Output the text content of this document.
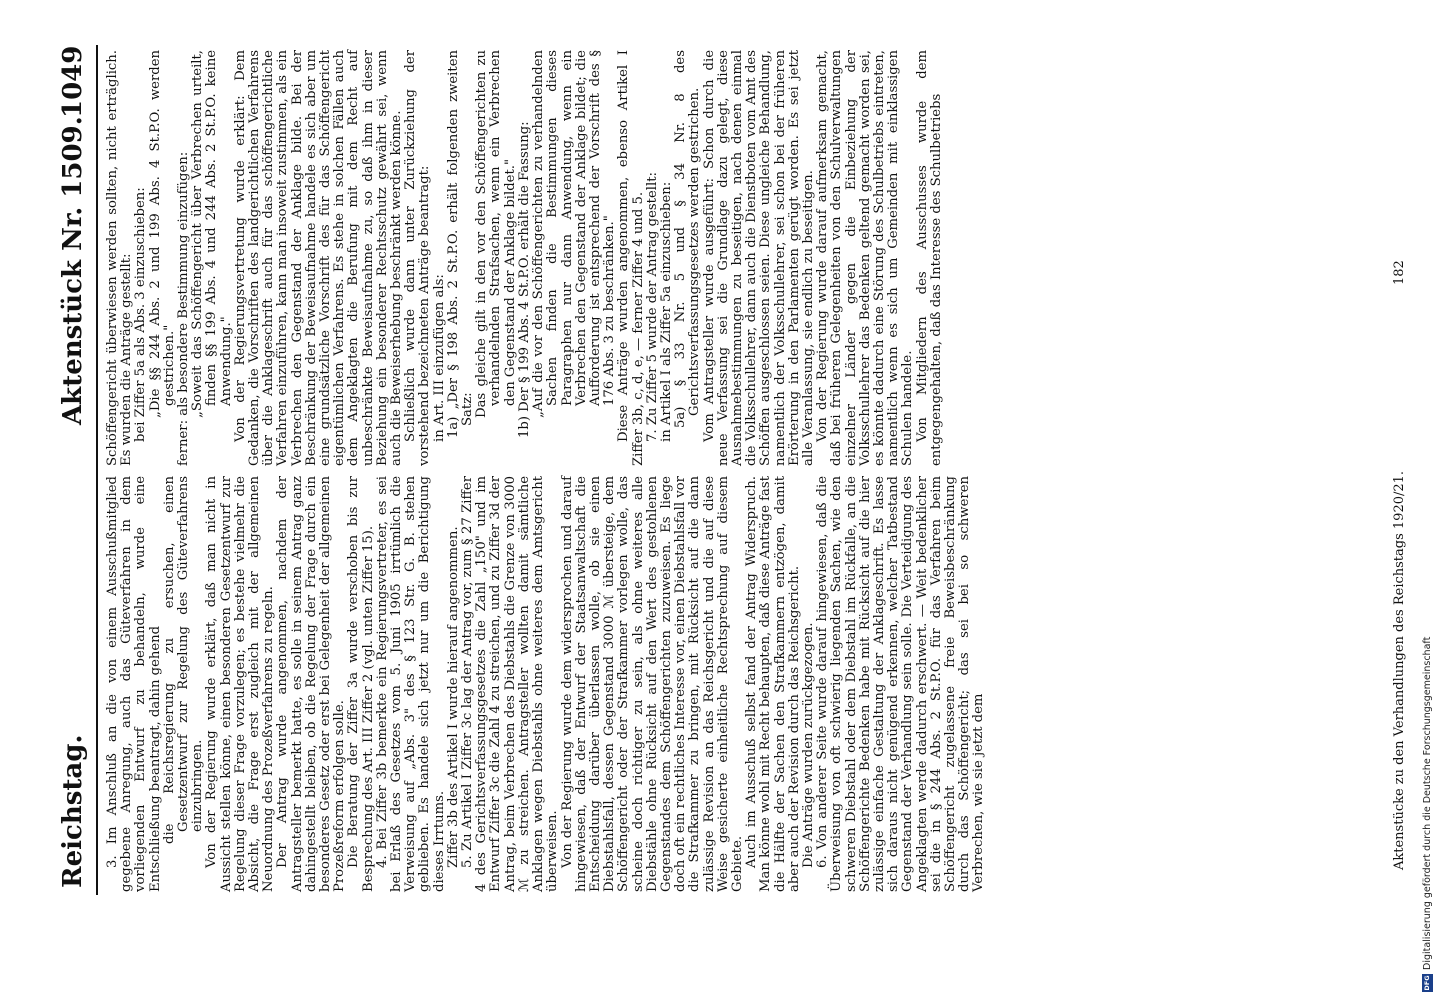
Reichstag.
Aktenstück Nr. 1509.
1049

3. Im Anschluß an die von einem Ausschußmitglied gegebene Anregung, auch das Güteverfahren in dem vorliegenden Entwurf zu behandeln, wurde eine Entschließung beantragt, dahin gehend die Reichsregierung zu ersuchen, einen Gesetzentwurf zur Regelung des Güteverfahrens einzubringen. Von der Regierung wurde erklärt, daß man nicht in Aussicht stellen könne, einen besonderen Gesetzentwurf zur Regelung dieser Frage vorzulegen; es bestehe vielmehr die Absicht, die Frage erst zugleich mit der allgemeinen Neuordnung des Prozeßverfahrens zu regeln. Der Antrag wurde angenommen, nachdem der Antragsteller bemerkt hatte, es solle in seinem Antrag ganz dahingestellt bleiben, ob die Regelung der Frage durch ein besonderes Gesetz oder erst bei Gelegenheit der allgemeinen Prozeßreform erfolgen solle. Die Beratung der Ziffer 3a wurde verschoben bis zur Besprechung des Art. III Ziffer 2 (vgl. unten Ziffer 15). 4. Bei Ziffer 3b bemerkte ein Regierungsvertreter, es sei bei Erlaß des Gesetzes vom 5. Juni 1905 irrtümlich die Verweisung auf „Abs. 3" des § 123 Str. G. B. stehen geblieben. Es handele sich jetzt nur um die Berichtigung dieses Irrtums. Ziffer 3b des Artikel I wurde hierauf angenommen. 5. Zu Artikel I Ziffer 3c lag der Antrag vor, zum § 27 Ziffer 4 des Gerichtsverfassungsgesetzes die Zahl „150" und im Entwurf Ziffer 3c die Zahl 4 zu streichen, und zu Ziffer 3d der Antrag, beim Verbrechen des Diebstahls die Grenze von 3000 ℳ zu streichen. Antragsteller wollten damit sämtliche Anklagen wegen Diebstahls ohne weiteres dem Amtsgericht überweisen. Von der Regierung wurde dem widersprochen und darauf hingewiesen, daß der Entwurf der Staatsanwaltschaft die Entscheidung darüber überlassen wolle, ob sie einen Diebstahlsfall, dessen Gegenstand 3000 ℳ übersteige, dem Schöffengericht oder der Strafkammer vorlegen wolle, das scheine doch richtiger zu sein, als ohne weiteres alle Diebstähle ohne Rücksicht auf den Wert des gestohlenen Gegenstandes dem Schöffengerichten zuzuweisen. Es liege doch oft ein rechtliches Interesse vor, einen Diebstahlsfall vor die Strafkammer zu bringen, mit Rücksicht auf die dann zulässige Revision an das Reichsgericht und die auf diese Weise gesicherte einheitliche Rechtsprechung auf diesem Gebiete. Auch im Ausschuß selbst fand der Antrag Widerspruch. Man könne wohl mit Recht behaupten, daß diese Anträge fast die Hälfte der Sachen den Strafkammern entzögen, damit aber auch der Revision durch das Reichsgericht. Die Anträge wurden zurückgezogen. 6. Von anderer Seite wurde darauf hingewiesen, daß die Überweisung von oft schwierig liegenden Sachen, wie den schweren Diebstahl oder dem Diebstahl im Rückfalle, an die Schöffengerichte Bedenken habe mit Rücksicht auf die hier zulässige einfache Gestaltung der Anklageschrift. Es lasse sich daraus nicht genügend erkennen, welcher Tatbestand Gegenstand der Verhandlung sein solle. Die Verteidigung des Angeklagten werde dadurch erschwert. — Weit bedenklicher sei die in § 244 Abs. 2 St.P.O. für das Verfahren beim Schöffengericht zugelassene freie Beweisbeschränkung durch das Schöffengericht; das sei bei so schweren Verbrechen, wie sie jetzt dem

Schöffengericht überwiesen werden sollten, nicht erträglich. Es wurden die Anträge gestellt: bei Ziffer 5a als Abs. 3 einzuschieben: „Die §§ 244 Abs. 2 und 199 Abs. 4 St.P.O. werden gestrichen." ferner: als besondere Bestimmung einzufügen: „Soweit das Schöffengericht über Verbrechen urteilt, finden §§ 199 Abs. 4 und 244 Abs. 2 St.P.O. keine Anwendung." Von der Regierungsvertretung wurde erklärt: Dem Gedanken, die Vorschriften des landgerichtlichen Verfahrens über die Anklageschrift auch für das schöffengerichtliche Verfahren einzuführen, kann man insoweit zustimmen, als ein Verbrechen den Gegenstand der Anklage bilde. Bei der Beschränkung der Beweisaufnahme handele es sich aber um eine grundsätzliche Vorschrift des für das Schöffengericht eigentümlichen Verfahrens. Es stehe in solchen Fällen auch dem Angeklagten die Berufung mit dem Recht auf unbeschränkte Beweisaufnahme zu, so daß ihm in dieser Beziehung ein besonderer Rechtsschutz gewährt sei, wenn auch die Beweiserhebung beschränkt werden könne. Schließlich wurde dann unter Zurückziehung der vorstehend bezeichneten Anträge beantragt: in Art. III einzufügen als: 1a) „Der § 198 Abs. 2 St.P.O. erhält folgenden zweiten Satz: Das gleiche gilt in den vor den Schöffengerichten zu verhandelnden Strafsachen, wenn ein Verbrechen den Gegenstand der Anklage bildet." 1b) Der § 199 Abs. 4 St.P.O. erhält die Fassung: „Auf die vor den Schöffengerichten zu verhandelnden Sachen finden die Bestimmungen dieses Paragraphen nur dann Anwendung, wenn ein Verbrechen den Gegenstand der Anklage bildet; die Aufforderung ist entsprechend der Vorschrift des § 176 Abs. 3 zu beschränken." Diese Anträge wurden angenommen, ebenso Artikel I Ziffer 3b, c, d, e, — ferner Ziffer 4 und 5. 7. Zu Ziffer 5 wurde der Antrag gestellt: in Artikel I als Ziffer 5a einzuschieben: 5a) § 33 Nr. 5 und § 34 Nr. 8 des Gerichtsverfassungsgesetzes werden gestrichen. Vom Antragsteller wurde ausgeführt: Schon durch die neue Verfassung sei die Grundlage dazu gelegt, diese Ausnahmebestimmungen zu beseitigen, nach denen einmal die Volksschullehrer, dann auch die Dienstboten vom Amt des Schöffen ausgeschlossen seien. Diese ungleiche Behandlung, namentlich der Volksschullehrer, sei schon bei der früheren Erörterung in den Parlamenten gerügt worden. Es sei jetzt alle Veranlassung, sie endlich zu beseitigen. Von der Regierung wurde darauf aufmerksam gemacht, daß bei früheren Gelegenheiten von den Schulverwaltungen einzelner Länder gegen die Einbeziehung der Volksschullehrer das Bedenken geltend gemacht worden sei, es könnte dadurch eine Störung des Schulbetriebs eintreten, namentlich wenn es sich um Gemeinden mit einklassigen Schulen handele. Von Mitgliedern des Ausschusses wurde dem entgegengehalten, daß das Interesse des Schulbetriebs

Aktenstücke zu den Verhandlungen des Reichstags 1920/21.
182
DFGDigitalisierung gefördert durch die Deutsche Forschungsgemeinschaft
